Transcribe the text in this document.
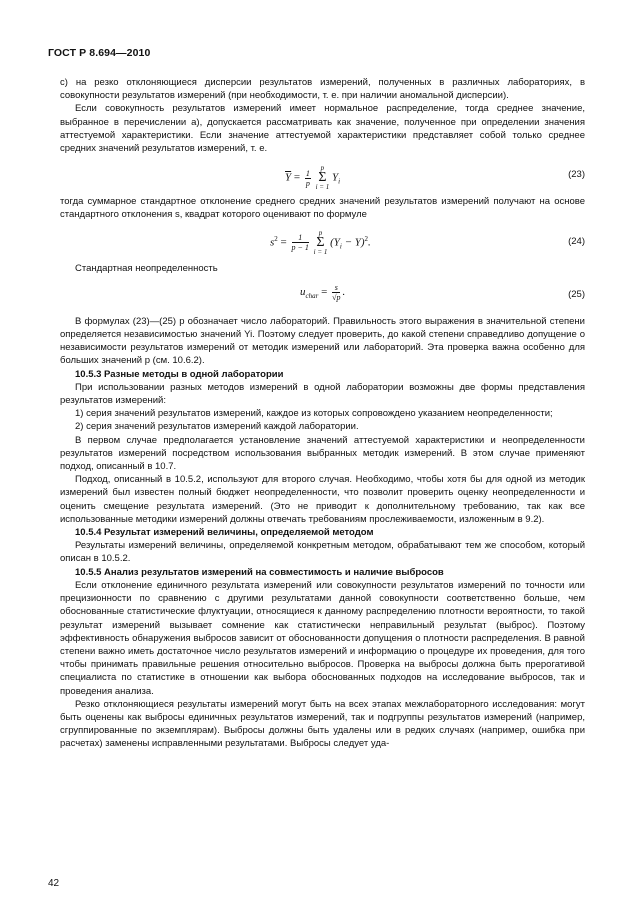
ГОСТ Р 8.694—2010

с) на резко отклоняющиеся дисперсии результатов измерений, полученных в различных лабораториях, в совокупности результатов измерений (при необходимости, т. е. при наличии аномальной дисперсии).

Если совокупность результатов измерений имеет нормальное распределение, тогда среднее значение, выбранное в перечислении а), допускается рассматривать как значение, полученное при определении значения аттестуемой характеристики. Если значение аттестуемой характеристики представляет собой только среднее средних значений результатов измерений, т. е.

$\overline{Y} = \frac{1}{p}$ p
Σ
i = 1 $Y_i$
(23)

тогда суммарное стандартное отклонение среднего средних значений результатов измерений получают на основе стандартного отклонения s, квадрат которого оценивают по формуле

$s^2 = \frac{1}{p - 1}$ p
Σ
i = 1 $(Y_i - Y)^2$.	(24)

Стандартная неопределенность

$u_{char} = \frac{s}{√p}$ .	(25)

В формулах (23)—(25) p обозначает число лабораторий. Правильность этого выражения в значительной степени определяется независимостью значений Yi. Поэтому следует проверить, до какой степени справедливо допущение о независимости результатов измерений от методик измерений или лабораторий. Эта проверка важна особенно для больших значений p (см. 10.6.2).

10.5.3 Разные методы в одной лаборатории

При использовании разных методов измерений в одной лаборатории возможны две формы представления результатов измерений:

1) серия значений результатов измерений, каждое из которых сопровождено указанием неопределенности;

2) серия значений результатов измерений каждой лаборатории.

В первом случае предполагается установление значений аттестуемой характеристики и неопределенности результатов измерений посредством использования выбранных методик измерений. В этом случае применяют подход, описанный в 10.7.

Подход, описанный в 10.5.2, используют для второго случая. Необходимо, чтобы хотя бы для одной из методик измерений был известен полный бюджет неопределенности, что позволит проверить оценку неопределенности и оценить смещение результата измерений. (Это не приводит к дополнительному требованию, так как все использованные методики измерений должны отвечать требованиям прослеживаемости, изложенным в 9.2).

10.5.4 Результат измерений величины, определяемой методом

Результаты измерений величины, определяемой конкретным методом, обрабатывают тем же способом, который описан в 10.5.2.

10.5.5 Анализ результатов измерений на совместимость и наличие выбросов

Если отклонение единичного результата измерений или совокупности результатов измерений по точности или прецизионности по сравнению с другими результатами данной совокупности соответственно больше, чем обоснованные статистические флуктуации, относящиеся к данному распределению плотности вероятности, то такой результат измерений вызывает сомнение как статистически неправильный результат (выброс). Поэтому эффективность обнаружения выбросов зависит от обоснованности допущения о плотности распределения. В равной степени важно иметь достаточное число результатов измерений и информацию о процедуре их проведения, для того чтобы принимать правильные решения относительно выбросов. Проверка на выбросы должна быть прерогативой специалиста по статистике в отношении как выбора обоснованных подходов на исследование выбросов, так и проведения анализа.

Резко отклоняющиеся результаты измерений могут быть на всех этапах межлабораторного исследования: могут быть оценены как выбросы единичных результатов измерений, так и подгруппы результатов измерений (например, сгруппированные по экземплярам). Выбросы должны быть удалены или в редких случаях (например, ошибка при расчетах) заменены исправленными результатами. Выбросы следует уда-

42
